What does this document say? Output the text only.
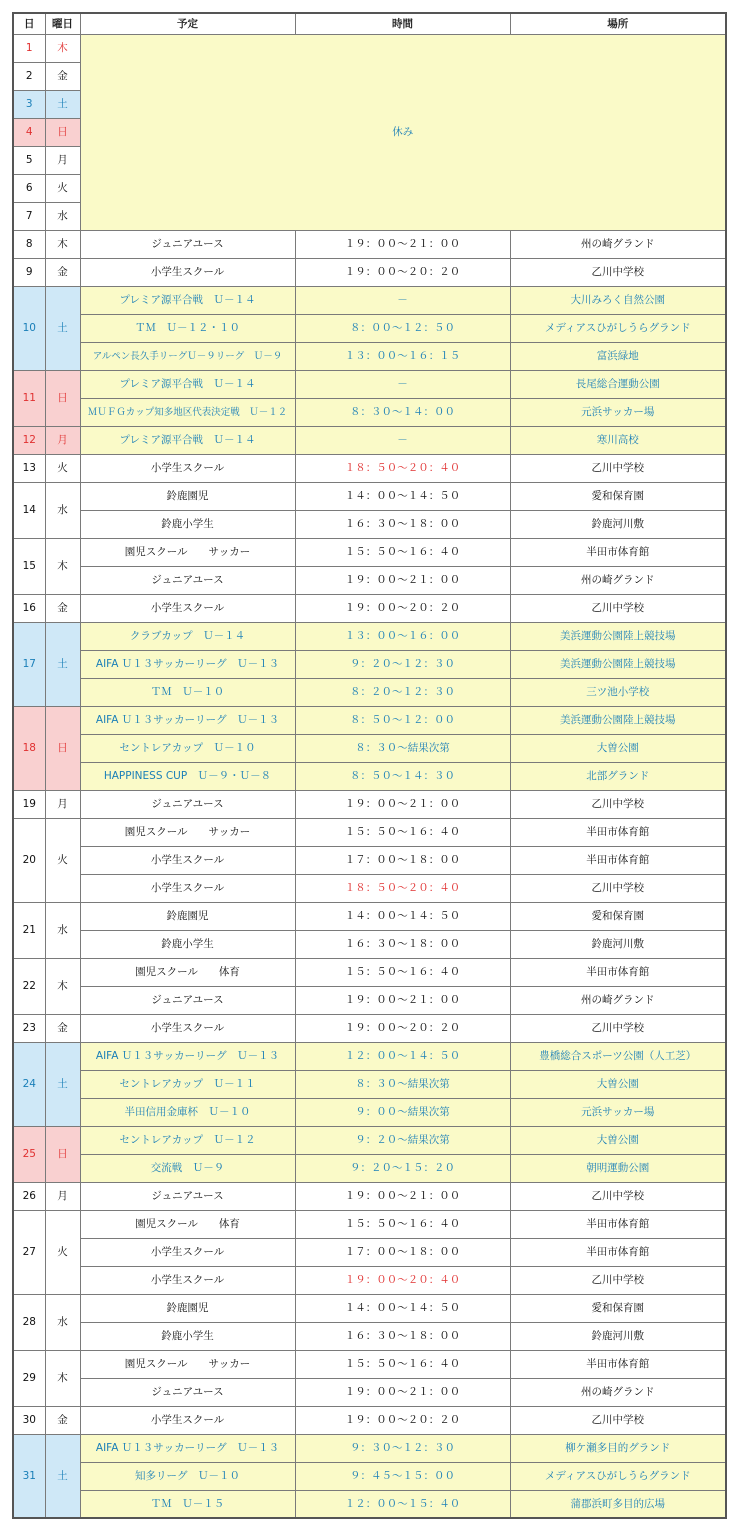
日	曜日	予定	時間	場所
1	木	休み		
2	金			
3	土			
4	日			
5	月			
6	火			
7	水			
8	木	ジュニアユース	１９：００～２１：００	州の崎グランド
9	金	小学生スクール	１９：００～２０：２０	乙川中学校
10	土	プレミア源平合戦　Ｕ－１４	－	大川みろく自然公園

		ＴＭ　Ｕ－１２・１０	８：００～１２：５０	メディアスひがしうらグランド

		アルペン長久手リーグＵ－９リーグ　Ｕ－９	１３：００～１６：１５	富浜緑地
11	日	プレミア源平合戦　Ｕ－１４	－	長尾総合運動公園

		ＭＵＦＧカップ知多地区代表決定戦　Ｕ－１２	８：３０～１４：００	元浜サッカー場
12	月	プレミア源平合戦　Ｕ－１４	－	寒川高校
13	火	小学生スクール	１８：５０～２０：４０	乙川中学校
14	水	鈴鹿園児	１４：００～１４：５０	愛和保育園

		鈴鹿小学生	１６：３０～１８：００	鈴鹿河川敷
15	木	園児スクール　　サッカー	１５：５０～１６：４０	半田市体育館

		ジュニアユース	１９：００～２１：００	州の崎グランド
16	金	小学生スクール	１９：００～２０：２０	乙川中学校
17	土	クラブカップ　Ｕ－１４	１３：００～１６：００	美浜運動公園陸上競技場

		AIFA Ｕ１３サッカーリーグ　Ｕ－１３	９：２０～１２：３０	美浜運動公園陸上競技場

		ＴＭ　Ｕ－１０	８：２０～１２：３０	三ツ池小学校
18	日	AIFA Ｕ１３サッカーリーグ　Ｕ－１３	８：５０～１２：００	美浜運動公園陸上競技場

		セントレアカップ　Ｕ－１０	８：３０～結果次第	大曽公園

		HAPPINESS CUP　Ｕ－９・Ｕ－８	８：５０～１４：３０	北部グランド
19	月	ジュニアユース	１９：００～２１：００	乙川中学校
20	火	園児スクール　　サッカー	１５：５０～１６：４０	半田市体育館

		小学生スクール	１７：００～１８：００	半田市体育館

		小学生スクール	１８：５０～２０：４０	乙川中学校
21	水	鈴鹿園児	１４：００～１４：５０	愛和保育園

		鈴鹿小学生	１６：３０～１８：００	鈴鹿河川敷
22	木	園児スクール　　体育	１５：５０～１６：４０	半田市体育館

		ジュニアユース	１９：００～２１：００	州の崎グランド
23	金	小学生スクール	１９：００～２０：２０	乙川中学校
24	土	AIFA Ｕ１３サッカーリーグ　Ｕ－１３	１２：００～１４：５０	豊橋総合スポーツ公園（人工芝）

		セントレアカップ　Ｕ－１１	８：３０～結果次第	大曽公園

		半田信用金庫杯　Ｕ－１０	９：００～結果次第	元浜サッカー場
25	日	セントレアカップ　Ｕ－１２	９：２０～結果次第	大曽公園

		交流戦　Ｕ－９	９：２０～１５：２０	朝明運動公園
26	月	ジュニアユース	１９：００～２１：００	乙川中学校
27	火	園児スクール　　体育	１５：５０～１６：４０	半田市体育館

		小学生スクール	１７：００～１８：００	半田市体育館

		小学生スクール	１９：００～２０：４０	乙川中学校
28	水	鈴鹿園児	１４：００～１４：５０	愛和保育園

		鈴鹿小学生	１６：３０～１８：００	鈴鹿河川敷
29	木	園児スクール　　サッカー	１５：５０～１６：４０	半田市体育館

		ジュニアユース	１９：００～２１：００	州の崎グランド
30	金	小学生スクール	１９：００～２０：２０	乙川中学校
31	土	AIFA Ｕ１３サッカーリーグ　Ｕ－１３	９：３０～１２：３０	柳ケ瀬多目的グランド

		知多リーグ　Ｕ－１０	９：４５～１５：００	メディアスひがしうらグランド

		ＴＭ　Ｕ－１５	１２：００～１５：４０	蒲郡浜町多目的広場
